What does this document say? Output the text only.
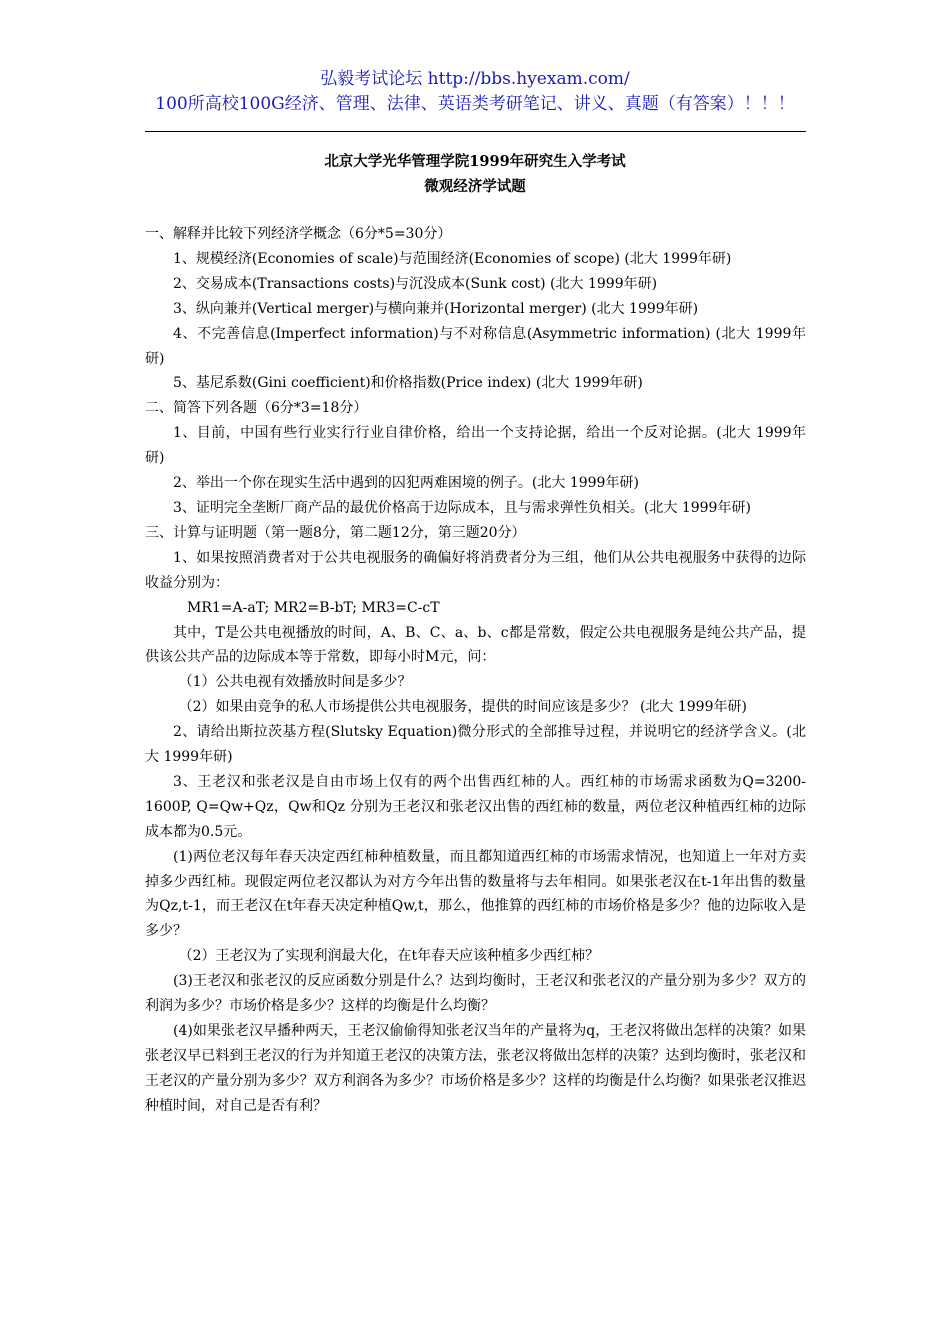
弘毅考试论坛 http://bbs.hyexam.com/
100所高校100G经济、管理、法律、英语类考研笔记、讲义、真题（有答案）！！！
北京大学光华管理学院1999年研究生入学考试
微观经济学试题

一、解释并比较下列经济学概念（6分*5=30分）

1、规模经济(Economies of scale)与范围经济(Economies of scope) (北大 1999年研)

2、交易成本(Transactions costs)与沉没成本(Sunk cost) (北大 1999年研)

3、纵向兼并(Vertical merger)与横向兼并(Horizontal merger) (北大 1999年研)

4、不完善信息(Imperfect information)与不对称信息(Asymmetric information) (北大 1999年研)

5、基尼系数(Gini coefficient)和价格指数(Price index) (北大 1999年研)

二、简答下列各题（6分*3=18分）

1、目前，中国有些行业实行行业自律价格，给出一个支持论据，给出一个反对论据。(北大 1999年研)

2、举出一个你在现实生活中遇到的囚犯两难困境的例子。(北大 1999年研)

3、证明完全垄断厂商产品的最优价格高于边际成本，且与需求弹性负相关。(北大 1999年研)

三、计算与证明题（第一题8分，第二题12分，第三题20分）

1、如果按照消费者对于公共电视服务的确偏好将消费者分为三组，他们从公共电视服务中获得的边际收益分别为：

MR1=A-aT; MR2=B-bT; MR3=C-cT

其中，T是公共电视播放的时间，A、B、C、a、b、c都是常数，假定公共电视服务是纯公共产品，提供该公共产品的边际成本等于常数，即每小时M元，问：

（1）公共电视有效播放时间是多少？

（2）如果由竞争的私人市场提供公共电视服务，提供的时间应该是多少？ (北大 1999年研)

2、请给出斯拉茨基方程(Slutsky Equation)微分形式的全部推导过程，并说明它的经济学含义。(北大 1999年研)

3、王老汉和张老汉是自由市场上仅有的两个出售西红柿的人。西红柿的市场需求函数为Q=3200-1600P, Q=Qw+Qz，Qw和Qz 分别为王老汉和张老汉出售的西红柿的数量，两位老汉种植西红柿的边际成本都为0.5元。

(1)两位老汉每年春天决定西红柿种植数量，而且都知道西红柿的市场需求情况，也知道上一年对方卖掉多少西红柿。现假定两位老汉都认为对方今年出售的数量将与去年相同。如果张老汉在t-1年出售的数量为Qz,t-1，而王老汉在t年春天决定种植Qw,t，那么，他推算的西红柿的市场价格是多少？他的边际收入是多少？

（2）王老汉为了实现利润最大化，在t年春天应该种植多少西红柿？

(3)王老汉和张老汉的反应函数分别是什么？达到均衡时，王老汉和张老汉的产量分别为多少？双方的利润为多少？市场价格是多少？这样的均衡是什么均衡？

(4)如果张老汉早播种两天，王老汉偷偷得知张老汉当年的产量将为q，王老汉将做出怎样的决策？如果张老汉早已料到王老汉的行为并知道王老汉的决策方法，张老汉将做出怎样的决策？达到均衡时，张老汉和王老汉的产量分别为多少？双方利润各为多少？市场价格是多少？这样的均衡是什么均衡？如果张老汉推迟种植时间，对自己是否有利？
